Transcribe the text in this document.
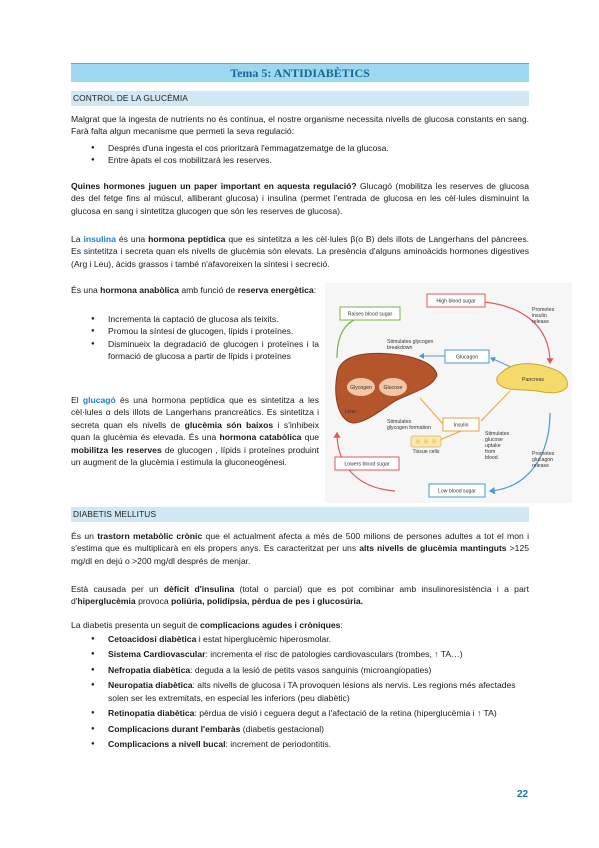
Tema 5: ANTIDIABÈTICS
CONTROL DE LA GLUCÈMIA
Malgrat que la ingesta de nutrients no és contínua, el nostre organisme necessita nivells de glucosa constants en sang. Farà falta algun mecanisme que permeti la seva regulació:
● Després d'una ingesta el cos prioritzarà l'emmagatzematge de la glucosa.
● Entre àpats el cos mobilitzarà les reserves.
Quines hormones juguen un paper important en aquesta regulació? Glucagó (mobilitza les reserves de glucosa des del fetge fins al múscul, alliberant glucosa) i insulina (permet l'entrada de glucosa en les cèl·lules disminuint la glucosa en sang i sintetitza glucogen que són les reserves de glucosa).
La insulina és una hormona peptídica que es sintetitza a les cèl·lules β(o B) dels illots de Langerhans del pàncrees. Es sintetitza i secreta quan els nivells de glucèmia són elevats. La presència d'alguns aminoàcids hormones digestives (Arg i Leu), àcids grassos i també n'afavoreixen la síntesi i secreció.
És una hormona anabòlica amb funció de reserva energètica:
● Incrementa la captació de glucosa als teixits.
● Promou la síntesi de glucogen, lípids i proteïnes.
● Disminueix la degradació de glucogen i proteïnes i la formació de glucosa a partir de lípids i proteïnes
El glucagó és una hormona peptídica que es sintetitza a les cèl·lules α dels illots de Langerhans prancreàtics. Es sintetitza i secreta quan els nivells de glucèmia són baixos i s'inhibeix quan la glucèmia és elevada. És una hormona catabòlica que mobilitza les reserves de glucogen , lípids i proteïnes produint un augment de la glucèmia i estimula la gluconeogènesi.
High blood sugar
Raises blood sugar
Promotes
insulin
release
Stimulates glycogen
breakdown
Glucagon
Glycogen Glucose
Liver
Pancreas
Stimulates
glycogen formation	Insulin
Stimulates
glucose
uptake
from
blood
Tissue cells
Lowers blood sugar
Promotes
glucagon
release
Low blood sugar
DIABETIS MELLITUS
És un trastorn metabòlic crònic que el actualment afecta a més de 500 milions de persones adultes a tot el mon i s'estima que es multiplicarà en els propers anys. Es caracteritzat per uns alts nivells de glucèmia mantinguts >125 mg/dl en dejú o >200 mg/dl després de menjar.
Està causada per un dèficit d'insulina (total o parcial) que es pot combinar amb insulinoresistència i a part d'hiperglucèmia provoca poliúria, polidípsia, pèrdua de pes i glucosúria.
La diabetis presenta un seguit de complicacions agudes i cròniques:
● Cetoacidosi diabètica i estat hiperglucèmic hiperosmolar.
● Sistema Cardiovascular: incrementa el risc de patologies cardiovasculars (trombes, ↑ TA…)
● Nefropatia diabètica: deguda a la lesió de petits vasos sanguinis (microangiopaties)
● Neuropatia diabètica: alts nivells de glucosa i TA provoquen lesions als nervis. Les regions més afectades solen ser les extremitats, en especial les inferiors (peu diabètic)
● Retinopatia diabètica: pèrdua de visió i ceguera degut a l'afectació de la retina (hiperglucèmia i ↑ TA)
● Complicacions durant l'embaràs (diabetis gestacional)
● Complicacions a nivell bucal: increment de periodontitis.
22
